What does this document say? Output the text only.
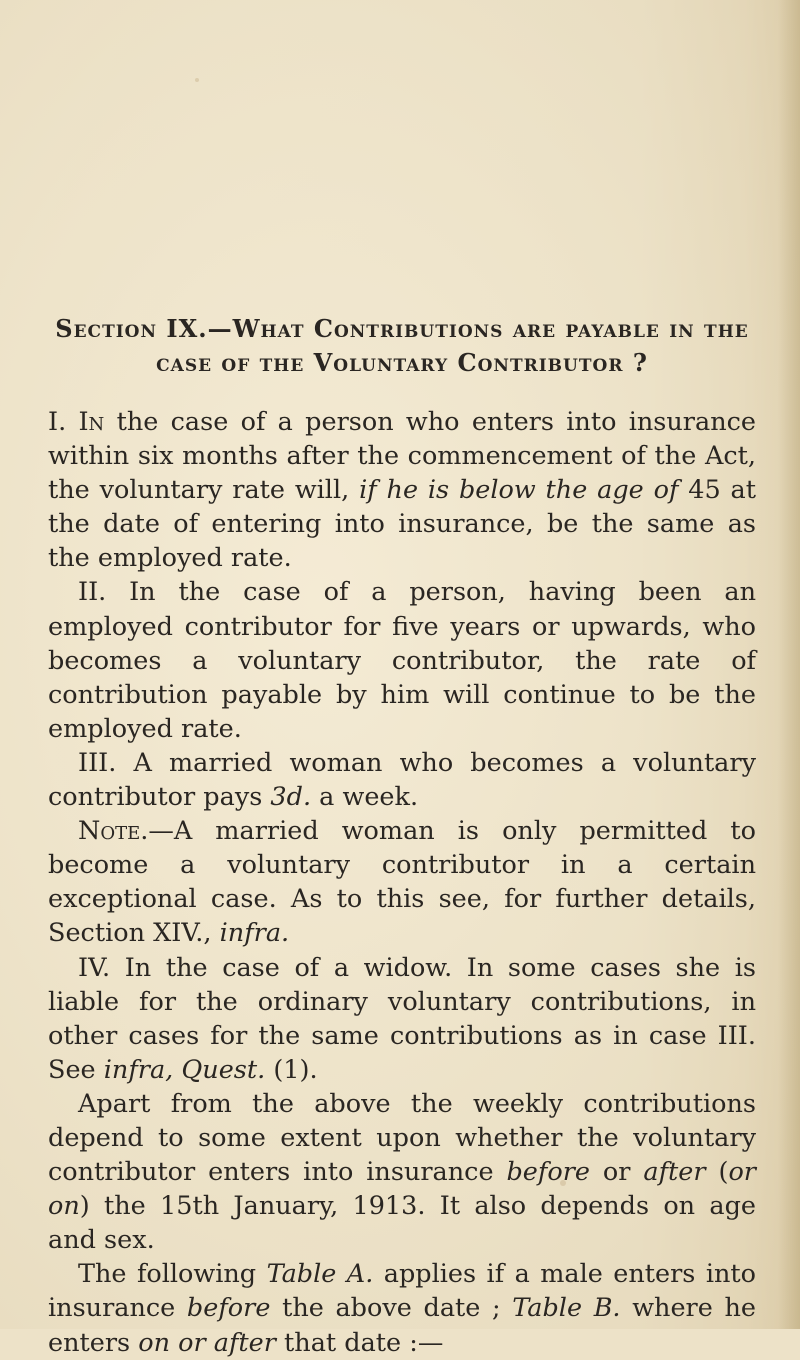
Section IX.—What Contributions are payable in the
case of the Voluntary Contributor ?

I. In the case of a person who enters into insurance within six months after the commencement of the Act, the voluntary rate will, if he is below the age of 45 at the date of entering into insurance, be the same as the employed rate.

II. In the case of a person, having been an employed contributor for five years or upwards, who becomes a voluntary contributor, the rate of contribution payable by him will continue to be the employed rate.

III. A married woman who becomes a voluntary contributor pays 3d. a week.

Note.—A married woman is only permitted to become a voluntary contributor in a certain exceptional case. As to this see, for further details, Section XIV., infra.

IV. In the case of a widow. In some cases she is liable for the ordinary voluntary contributions, in other cases for the same contributions as in case III. See infra, Quest. (1).

Apart from the above the weekly contributions depend to some extent upon whether the voluntary contributor enters into insurance before or after (or on) the 15th January, 1913. It also depends on age and sex.

The following Table A. applies if a male enters into insurance before the above date ; Table B. where he enters on or after that date :—
